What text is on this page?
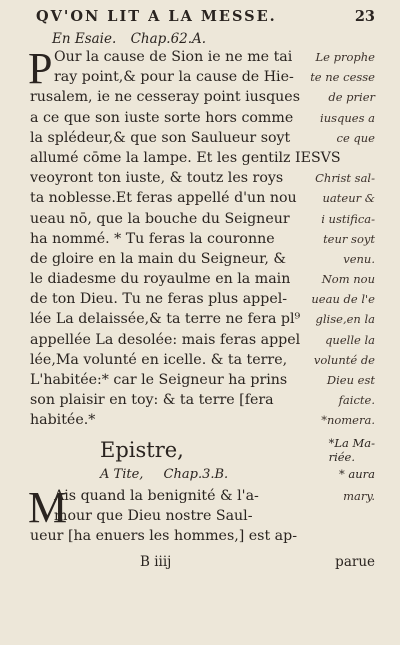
QV'ON LIT A LA MESSE.	23
En Esaie. Chap.62.A.
P Our la cause de Sion ie ne me tai	Le prophe
ray point,& pour la cause de Hie-	te ne cesse
rusalem, ie ne cesseray point iusques	de prier
a ce que son iuste sorte hors comme	iusques a
la splédeur,& que son Saulueur soyt	ce que
allumé cōme la lampe. Et les gentilz IESVS
veoyront ton iuste, & toutz les roys	Christ sal-
ta noblesse.Et feras appellé d'un nou	uateur &
ueau nō, que la bouche du Seigneur	i ustifica-
ha nommé. * Tu feras la couronne	teur soyt
de gloire en la main du Seigneur, &	venu.
le diadesme du royaulme en la main	Nom nou
de ton Dieu. Tu ne feras plus appel-	ueau de l'e
lée La delaissée,& ta terre ne fera pl⁹	glise,en la
appellée La desolée: mais feras appel	quelle la
lée,Ma volunté en icelle. & ta terre,	volunté de
L'habitée:* car le Seigneur ha prins	Dieu est
son plaisir en toy: & ta terre [fera	faicte.
habitée.*	*nomera.
Epistre,	*La Ma-
riée.
A Tite, Chap.3.B.	* aura
M
Ais quand la benignité & l'a-	mary.
mour que Dieu nostre Saul-
ueur [ha enuers les hommes,] est ap-
B iiij	parue
